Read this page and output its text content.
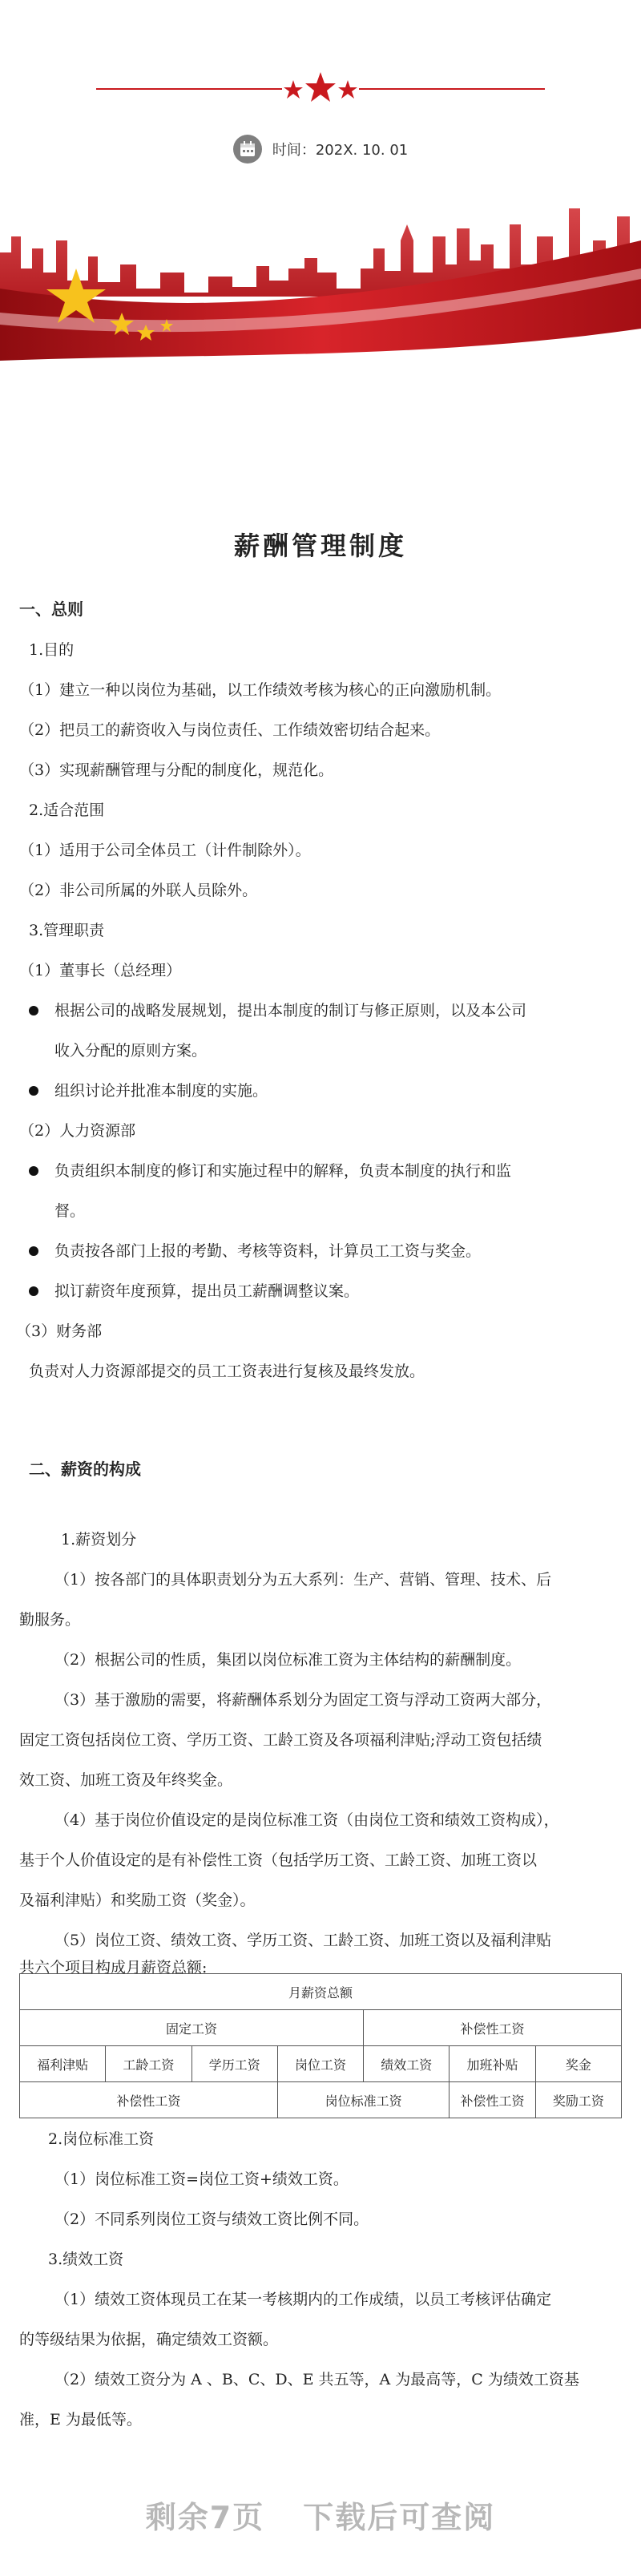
时间：202X. 10. 01
薪酬管理制度
一、总则
1.目的
（1）建立一种以岗位为基础，以工作绩效考核为核心的正向激励机制。
（2）把员工的薪资收入与岗位责任、工作绩效密切结合起来。
（3）实现薪酬管理与分配的制度化，规范化。
2.适合范围
（1）适用于公司全体员工（计件制除外）。
（2）非公司所属的外联人员除外。
3.管理职责
（1）董事长（总经理）
根据公司的战略发展规划，提出本制度的制订与修正原则，以及本公司
收入分配的原则方案。
组织讨论并批准本制度的实施。
（2）人力资源部
负责组织本制度的修订和实施过程中的解释，负责本制度的执行和监
督。
负责按各部门上报的考勤、考核等资料，计算员工工资与奖金。
拟订薪资年度预算，提出员工薪酬调整议案。
（3）财务部
负责对人力资源部提交的员工工资表进行复核及最终发放。
二、薪资的构成
1.薪资划分
（1）按各部门的具体职责划分为五大系列：生产、营销、管理、技术、后
勤服务。
（2）根据公司的性质，集团以岗位标准工资为主体结构的薪酬制度。
（3）基于激励的需要，将薪酬体系划分为固定工资与浮动工资两大部分，
固定工资包括岗位工资、学历工资、工龄工资及各项福利津贴;浮动工资包括绩
效工资、加班工资及年终奖金。
（4）基于岗位价值设定的是岗位标准工资（由岗位工资和绩效工资构成），
基于个人价值设定的是有补偿性工资（包括学历工资、工龄工资、加班工资以
及福利津贴）和奖励工资（奖金）。
（5）岗位工资、绩效工资、学历工资、工龄工资、加班工资以及福利津贴
共六个项目构成月薪资总额:
2.岗位标准工资
（1）岗位标准工资=岗位工资+绩效工资。
（2）不同系列岗位工资与绩效工资比例不同。
3.绩效工资
（1）绩效工资体现员工在某一考核期内的工作成绩，以员工考核评估确定
的等级结果为依据，确定绩效工资额。
（2）绩效工资分为 A 、B、C、D、E 共五等，A 为最高等，C 为绩效工资基
准，E 为最低等。
月薪资总额						
固定工资				补偿性工资		
福利津贴	工龄工资	学历工资	岗位工资	绩效工资	加班补贴	奖金
补偿性工资			岗位标准工资		补偿性工资	奖励工资
剩余7页 下载后可查阅
